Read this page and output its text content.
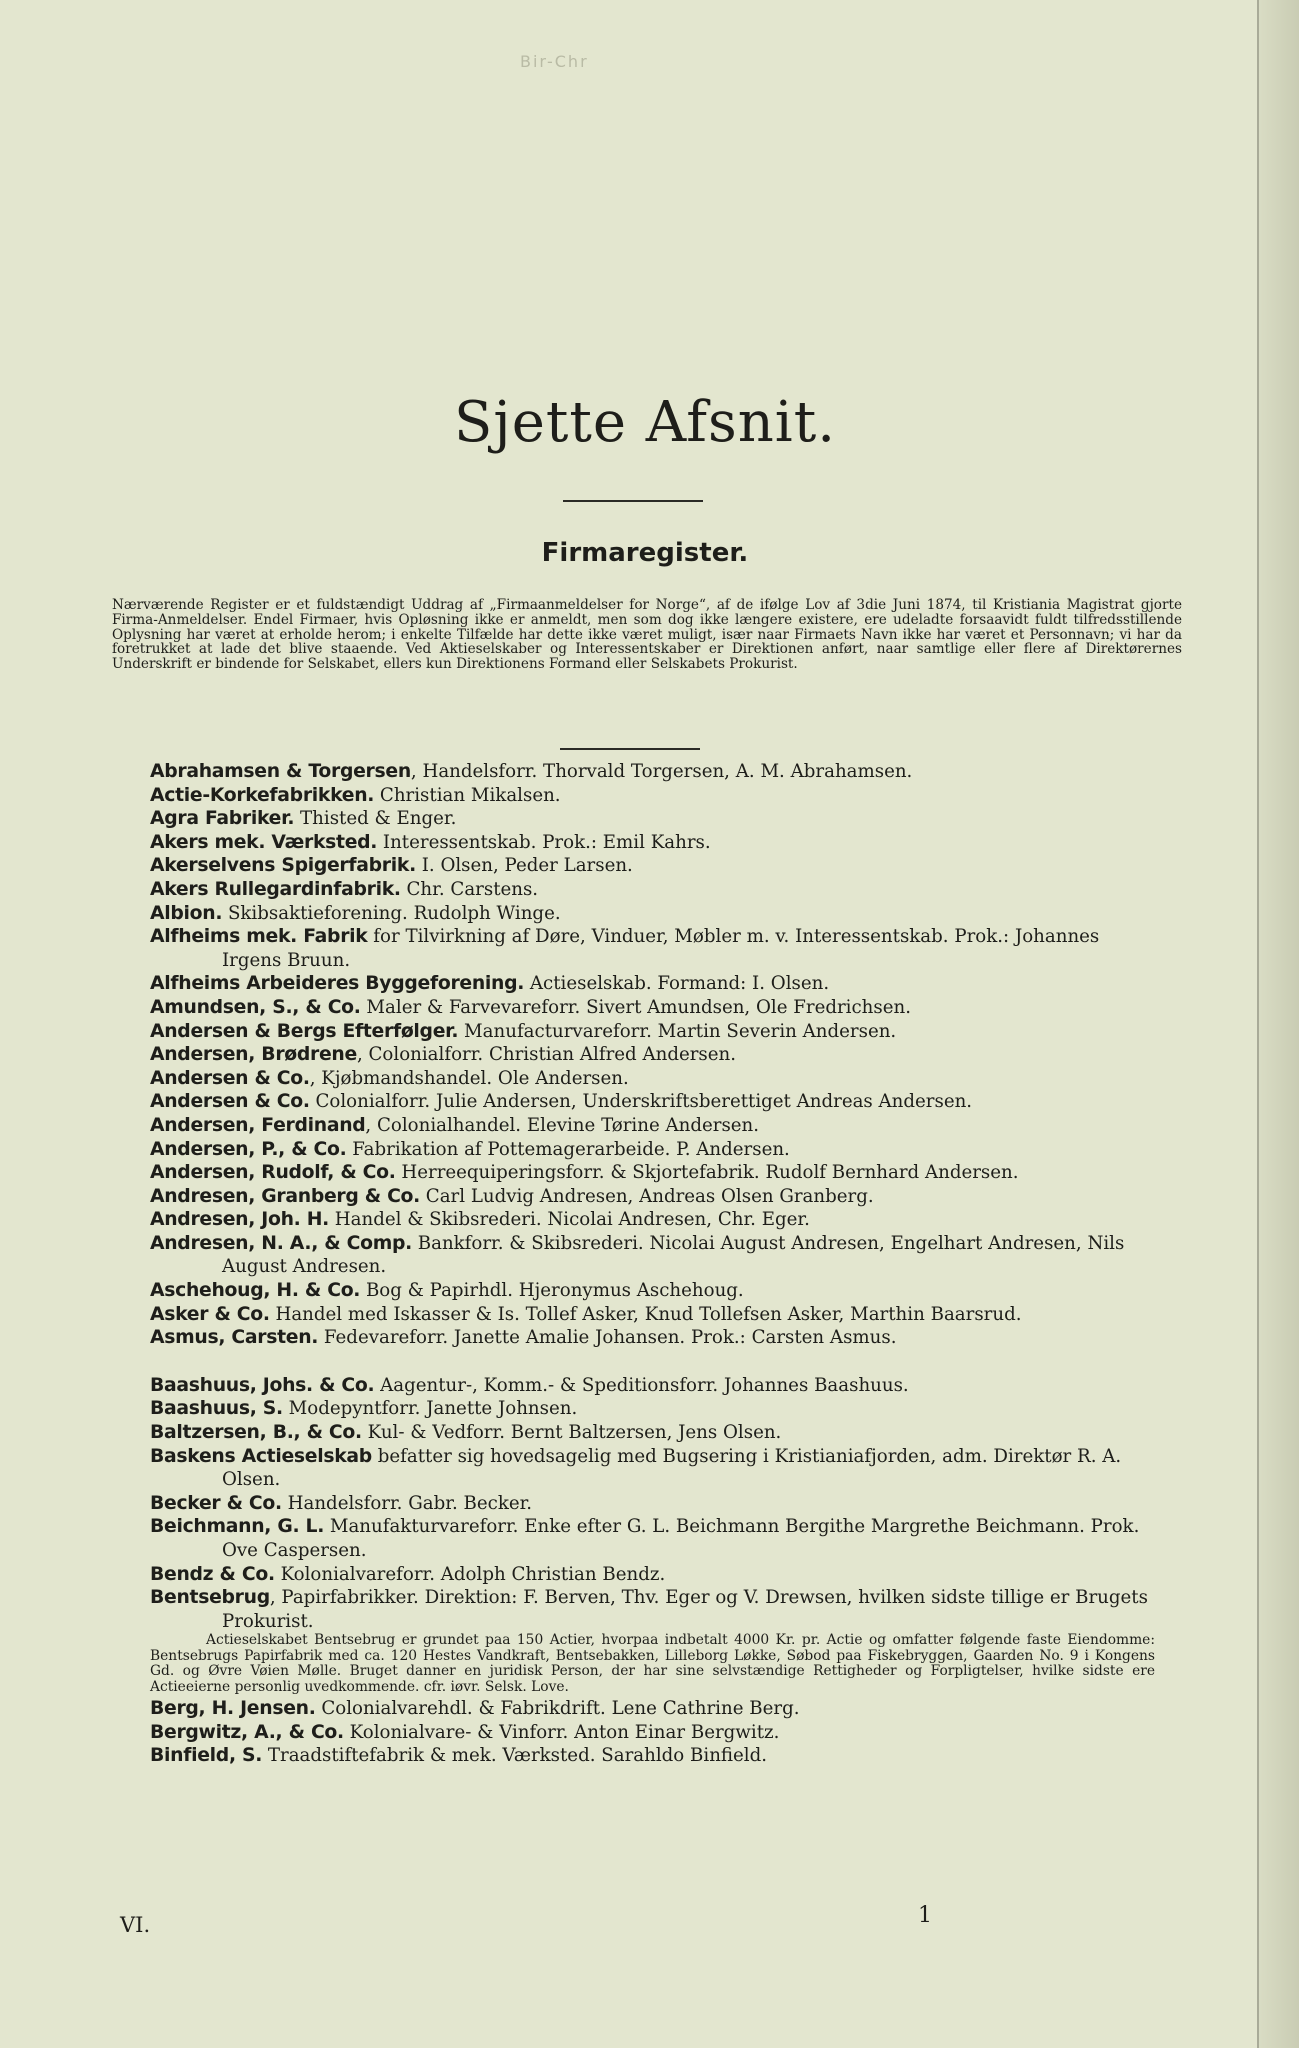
Bir-Chr
Sjette Afsnit.
Firmaregister.

Nærværende Register er et fuldstændigt Uddrag af „Firmaanmeldelser for Norge“, af de ifølge Lov af 3die Juni 1874, til Kristiania Magistrat gjorte Firma-Anmeldelser. Endel Firmaer, hvis Opløsning ikke er anmeldt, men som dog ikke længere existere, ere udeladte forsaavidt fuldt tilfredsstillende Oplysning har været at erholde herom; i enkelte Tilfælde har dette ikke været muligt, især naar Firmaets Navn ikke har været et Personnavn; vi har da foretrukket at lade det blive staaende. Ved Aktieselskaber og Interessentskaber er Direktionen anført, naar samtlige eller flere af Direktørernes Underskrift er bindende for Selskabet, ellers kun Direktionens Formand eller Selskabets Prokurist.

Abrahamsen & Torgersen, Handelsforr. Thorvald Torgersen, A. M. Abrahamsen.

Actie-Korkefabrikken. Christian Mikalsen.

Agra Fabriker. Thisted & Enger.

Akers mek. Værksted. Interessentskab. Prok.: Emil Kahrs.

Akerselvens Spigerfabrik. I. Olsen, Peder Larsen.

Akers Rullegardinfabrik. Chr. Carstens.

Albion. Skibsaktieforening. Rudolph Winge.

Alfheims mek. Fabrik for Tilvirkning af Døre, Vinduer, Møbler m. v. Interessentskab. Prok.: Johannes Irgens Bruun.

Alfheims Arbeideres Byggeforening. Actieselskab. Formand: I. Olsen.

Amundsen, S., & Co. Maler & Farvevareforr. Sivert Amundsen, Ole Fredrichsen.

Andersen & Bergs Efterfølger. Manufacturvareforr. Martin Severin Andersen.

Andersen, Brødrene, Colonialforr. Christian Alfred Andersen.

Andersen & Co., Kjøbmandshandel. Ole Andersen.

Andersen & Co. Colonialforr. Julie Andersen, Underskriftsberettiget Andreas Andersen.

Andersen, Ferdinand, Colonialhandel. Elevine Tørine Andersen.

Andersen, P., & Co. Fabrikation af Pottemagerarbeide. P. Andersen.

Andersen, Rudolf, & Co. Herreequiperingsforr. & Skjortefabrik. Rudolf Bernhard Andersen.

Andresen, Granberg & Co. Carl Ludvig Andresen, Andreas Olsen Granberg.

Andresen, Joh. H. Handel & Skibsrederi. Nicolai Andresen, Chr. Eger.

Andresen, N. A., & Comp. Bankforr. & Skibsrederi. Nicolai August Andresen, Engelhart Andresen, Nils August Andresen.

Aschehoug, H. & Co. Bog & Papirhdl. Hjeronymus Aschehoug.

Asker & Co. Handel med Iskasser & Is. Tollef Asker, Knud Tollefsen Asker, Marthin Baarsrud.

Asmus, Carsten. Fedevareforr. Janette Amalie Johansen. Prok.: Carsten Asmus.

Baashuus, Johs. & Co. Aagentur-, Komm.- & Speditionsforr. Johannes Baashuus.

Baashuus, S. Modepyntforr. Janette Johnsen.

Baltzersen, B., & Co. Kul- & Vedforr. Bernt Baltzersen, Jens Olsen.

Baskens Actieselskab befatter sig hovedsagelig med Bugsering i Kristianiafjorden, adm. Direktør R. A. Olsen.

Becker & Co. Handelsforr. Gabr. Becker.

Beichmann, G. L. Manufakturvareforr. Enke efter G. L. Beichmann Bergithe Margrethe Beichmann. Prok. Ove Caspersen.

Bendz & Co. Kolonialvareforr. Adolph Christian Bendz.

Bentsebrug, Papirfabrikker. Direktion: F. Berven, Thv. Eger og V. Drewsen, hvilken sidste tillige er Brugets Prokurist.

Actieselskabet Bentsebrug er grundet paa 150 Actier, hvorpaa indbetalt 4000 Kr. pr. Actie og omfatter følgende faste Eiendomme: Bentsebrugs Papirfabrik med ca. 120 Hestes Vandkraft, Bentsebakken, Lilleborg Løkke, Søbod paa Fiskebryggen, Gaarden No. 9 i Kongens Gd. og Øvre Vøien Mølle. Bruget danner en juridisk Person, der har sine selvstændige Rettigheder og Forpligtelser, hvilke sidste ere Actieeierne personlig uvedkommende. cfr. iøvr. Selsk. Love.

Berg, H. Jensen. Colonialvarehdl. & Fabrikdrift. Lene Cathrine Berg.

Bergwitz, A., & Co. Kolonialvare- & Vinforr. Anton Einar Bergwitz.

Binfield, S. Traadstiftefabrik & mek. Værksted. Sarahldo Binfield.

VI.	1
